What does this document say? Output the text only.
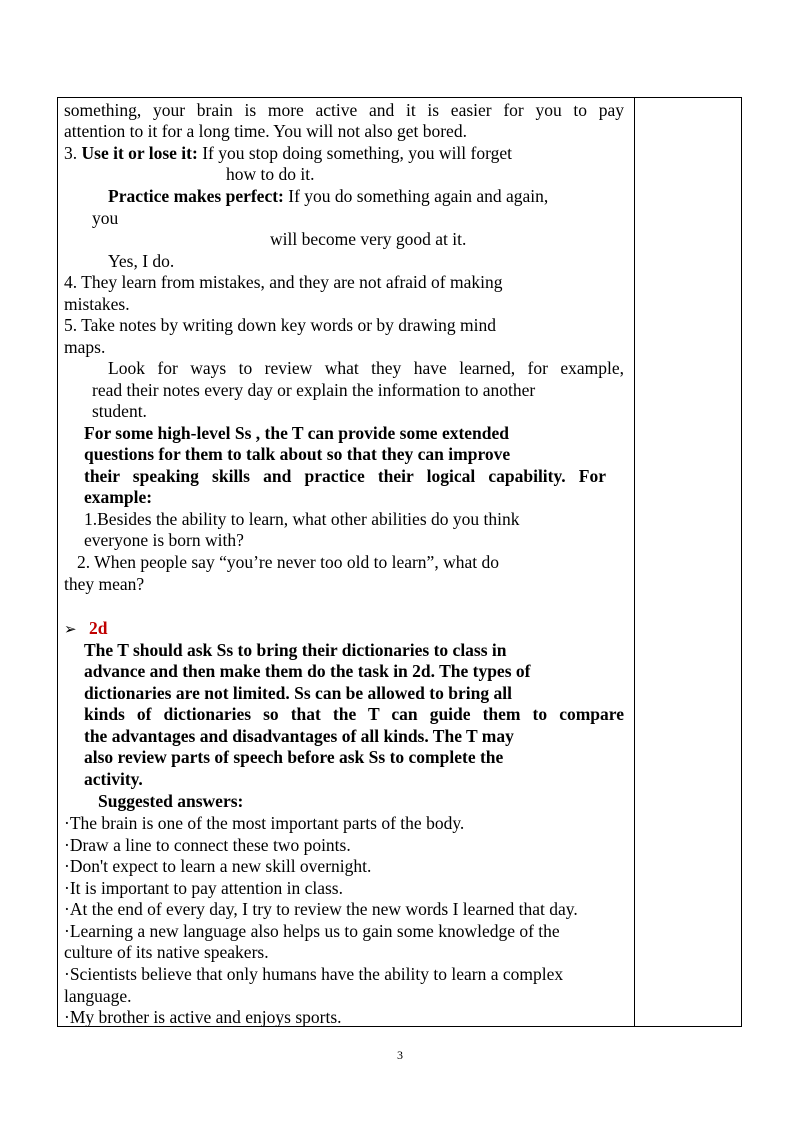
something, your brain is more active and it is easier for you to pay
attention to it for a long time. You will not also get bored.
3. Use it or lose it: If you stop doing something, you will forget
how to do it.
Practice makes perfect: If you do something again and again,
you
will become very good at it.
Yes, I do.
4. They learn from mistakes, and they are not afraid of making
mistakes.
5. Take notes by writing down key words or by drawing mind
maps.
Look for ways to review what they have learned, for example,
read their notes every day or explain the information to another
student.
For some high-level Ss , the T can provide some extended
questions for them to talk about so that they can improve
their speaking skills and practice their logical capability. For
example:
1.Besides the ability to learn, what other abilities do you think
everyone is born with?
2. When people say “you’re never too old to learn”, what do
they mean?
➢ 2d
The T should ask Ss to bring their dictionaries to class in
advance and then make them do the task in 2d. The types of
dictionaries are not limited. Ss can be allowed to bring all
kinds of dictionaries so that the T can guide them to compare
the advantages and disadvantages of all kinds. The T may
also review parts of speech before ask Ss to complete the
activity.
Suggested answers:
·The brain is one of the most important parts of the body.
·Draw a line to connect these two points.
·Don't expect to learn a new skill overnight.
·It is important to pay attention in class.
·At the end of every day, I try to review the new words I learned that day.
·Learning a new language also helps us to gain some knowledge of the
culture of its native speakers.
·Scientists believe that only humans have the ability to learn a complex
language.
·My brother is active and enjoys sports.
3
